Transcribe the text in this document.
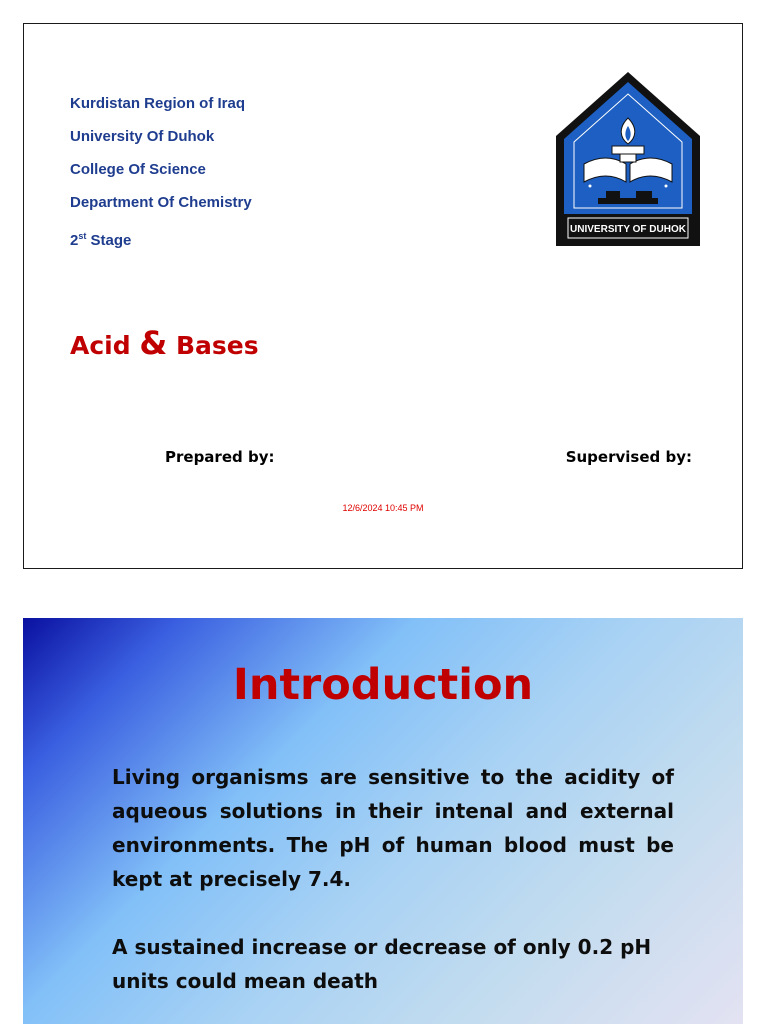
Kurdistan Region of Iraq
University Of Duhok
College Of Science
Department Of Chemistry
2st Stage
UNIVERSITY OF DUHOK
Acid & Bases
Prepared by:	Supervised by:
12/6/2024 10:45 PM
Introduction
Living organisms are sensitive to the acidity of aqueous solutions in their intenal and external environments. The pH of human blood must be kept at precisely 7.4.
A sustained increase or decrease of only 0.2 pH units could mean death
